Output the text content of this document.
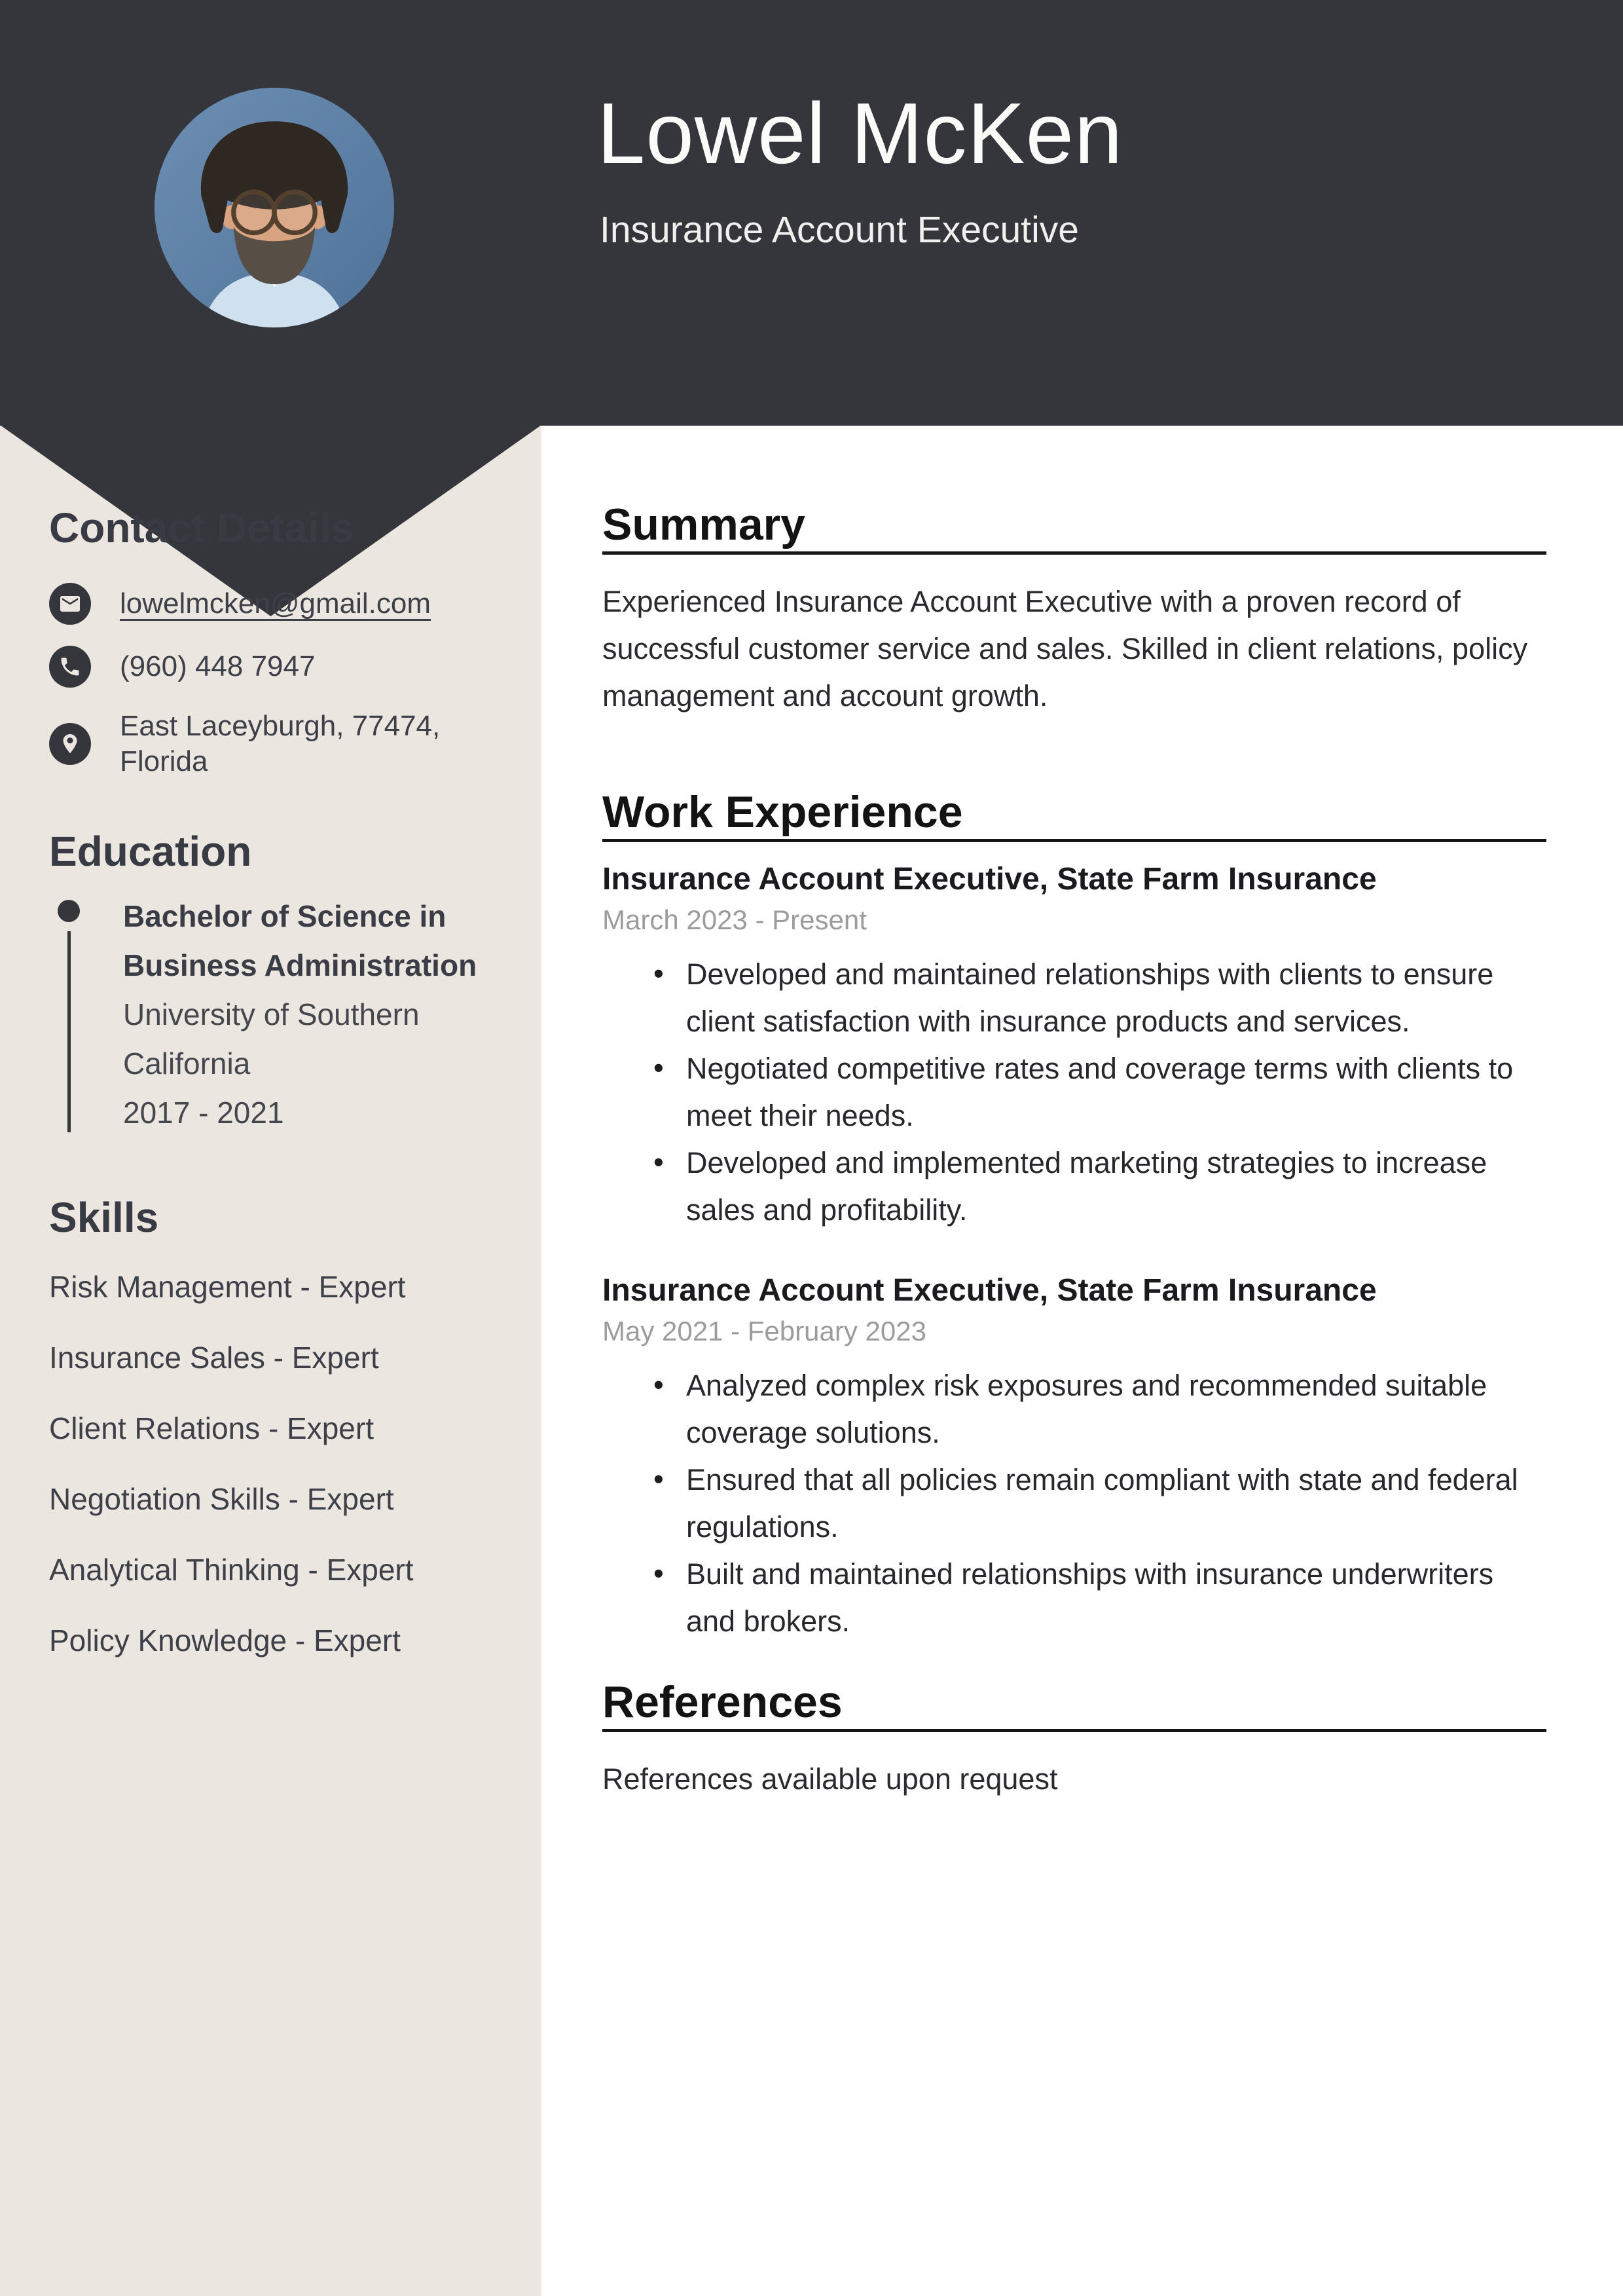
Lowel McKen
Insurance Account Executive
Contact Details
lowelmcken@gmail.com
(960) 448 7947
East Laceyburgh, 77474, Florida
Education
Bachelor of Science in Business Administration
University of Southern California
2017 - 2021
Skills
Risk Management - Expert
Insurance Sales - Expert
Client Relations - Expert
Negotiation Skills - Expert
Analytical Thinking - Expert
Policy Knowledge - Expert
Summary

Experienced Insurance Account Executive with a proven record of successful customer service and sales. Skilled in client relations, policy management and account growth.

Work Experience
Insurance Account Executive, State Farm Insurance
March 2023 - Present
• Developed and maintained relationships with clients to ensure client satisfaction with insurance products and services.
• Negotiated competitive rates and coverage terms with clients to meet their needs.
• Developed and implemented marketing strategies to increase sales and profitability.
Insurance Account Executive, State Farm Insurance
May 2021 - February 2023
• Analyzed complex risk exposures and recommended suitable coverage solutions.
• Ensured that all policies remain compliant with state and federal regulations.
• Built and maintained relationships with insurance underwriters and brokers.
References

References available upon request
